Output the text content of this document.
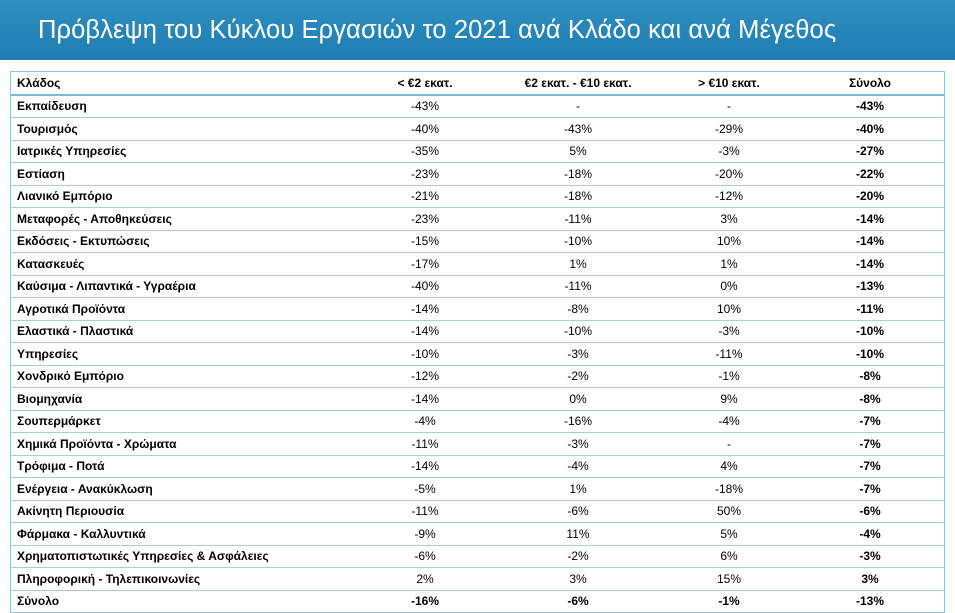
Πρόβλεψη του Κύκλου Εργασιών το 2021 ανά Κλάδο και ανά Μέγεθος
Κλάδος	< €2 εκατ.	€2 εκατ. - €10 εκατ.	> €10 εκατ.	Σύνολο
Εκπαίδευση	-43%	-	-	-43%
Τουρισμός	-40%	-43%	-29%	-40%
Ιατρικές Υπηρεσίες	-35%	5%	-3%	-27%
Εστίαση	-23%	-18%	-20%	-22%
Λιανικό Εμπόριο	-21%	-18%	-12%	-20%
Μεταφορές - Αποθηκεύσεις	-23%	-11%	3%	-14%
Εκδόσεις - Εκτυπώσεις	-15%	-10%	10%	-14%
Κατασκευές	-17%	1%	1%	-14%
Καύσιμα - Λιπαντικά - Υγραέρια	-40%	-11%	0%	-13%
Αγροτικά Προϊόντα	-14%	-8%	10%	-11%
Ελαστικά - Πλαστικά	-14%	-10%	-3%	-10%
Υπηρεσίες	-10%	-3%	-11%	-10%
Χονδρικό Εμπόριο	-12%	-2%	-1%	-8%
Βιομηχανία	-14%	0%	9%	-8%
Σουπερμάρκετ	-4%	-16%	-4%	-7%
Χημικά Προϊόντα - Χρώματα	-11%	-3%	-	-7%
Τρόφιμα - Ποτά	-14%	-4%	4%	-7%
Ενέργεια - Ανακύκλωση	-5%	1%	-18%	-7%
Ακίνητη Περιουσία	-11%	-6%	50%	-6%
Φάρμακα - Καλλυντικά	-9%	11%	5%	-4%
Χρηματοπιστωτικές Υπηρεσίες & Ασφάλειες	-6%	-2%	6%	-3%
Πληροφορική - Τηλεπικοινωνίες	2%	3%	15%	3%
Σύνολο	-16%	-6%	-1%	-13%
